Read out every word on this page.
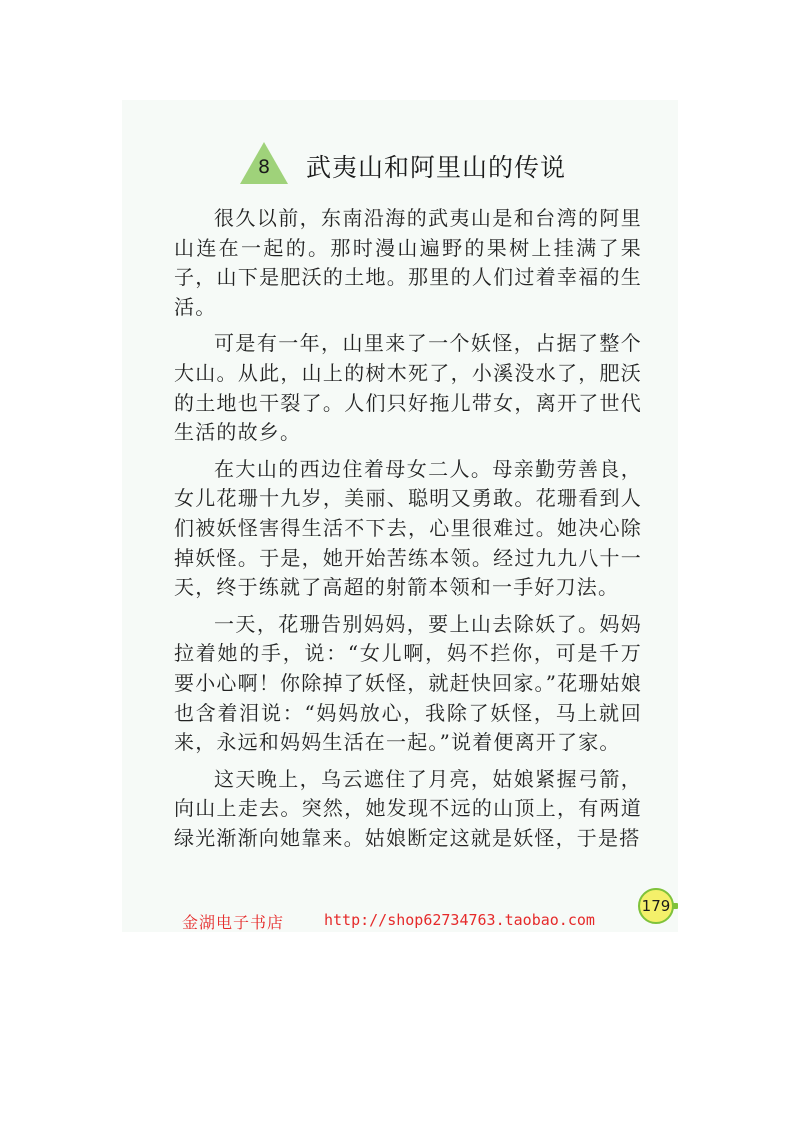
8	武夷山和阿里山的传说

很久以前，东南沿海的武夷山是和台湾的阿里山连在一起的。那时漫山遍野的果树上挂满了果子，山下是肥沃的土地。那里的人们过着幸福的生活。

可是有一年，山里来了一个妖怪，占据了整个大山。从此，山上的树木死了，小溪没水了，肥沃的土地也干裂了。人们只好拖儿带女，离开了世代生活的故乡。

在大山的西边住着母女二人。母亲勤劳善良，女儿花珊十九岁，美丽、聪明又勇敢。花珊看到人们被妖怪害得生活不下去，心里很难过。她决心除掉妖怪。于是，她开始苦练本领。经过九九八十一天，终于练就了高超的射箭本领和一手好刀法。

一天，花珊告别妈妈，要上山去除妖了。妈妈拉着她的手，说：“女儿啊，妈不拦你，可是千万要小心啊！你除掉了妖怪，就赶快回家。”花珊姑娘也含着泪说：“妈妈放心，我除了妖怪，马上就回来，永远和妈妈生活在一起。”说着便离开了家。

这天晚上，乌云遮住了月亮，姑娘紧握弓箭，向山上走去。突然，她发现不远的山顶上，有两道绿光渐渐向她靠来。姑娘断定这就是妖怪，于是搭

179
金湖电子书店	http://shop62734763.taobao.com
